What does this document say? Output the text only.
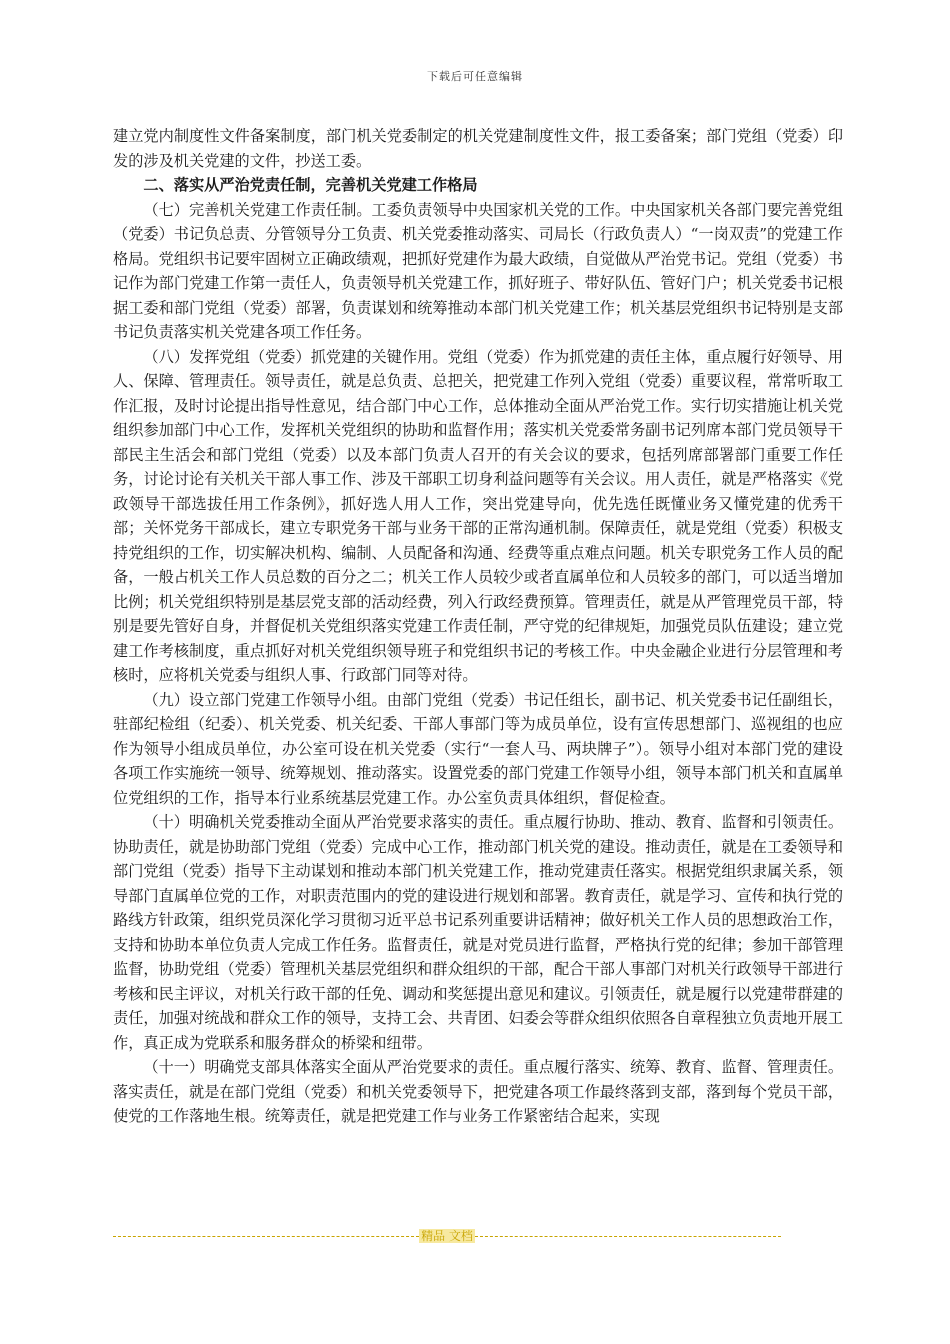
下载后可任意编辑

建立党内制度性文件备案制度，部门机关党委制定的机关党建制度性文件，报工委备案；部门党组（党委）印发的涉及机关党建的文件，抄送工委。

二、落实从严治党责任制，完善机关党建工作格局

（七）完善机关党建工作责任制。工委负责领导中央国家机关党的工作。中央国家机关各部门要完善党组（党委）书记负总责、分管领导分工负责、机关党委推动落实、司局长（行政负责人）“一岗双责”的党建工作格局。党组织书记要牢固树立正确政绩观，把抓好党建作为最大政绩，自觉做从严治党书记。党组（党委）书记作为部门党建工作第一责任人，负责领导机关党建工作，抓好班子、带好队伍、管好门户；机关党委书记根据工委和部门党组（党委）部署，负责谋划和统筹推动本部门机关党建工作；机关基层党组织书记特别是支部书记负责落实机关党建各项工作任务。

（八）发挥党组（党委）抓党建的关键作用。党组（党委）作为抓党建的责任主体，重点履行好领导、用人、保障、管理责任。领导责任，就是总负责、总把关，把党建工作列入党组（党委）重要议程，常常听取工作汇报，及时讨论提出指导性意见，结合部门中心工作，总体推动全面从严治党工作。实行切实措施让机关党组织参加部门中心工作，发挥机关党组织的协助和监督作用；落实机关党委常务副书记列席本部门党员领导干部民主生活会和部门党组（党委）以及本部门负责人召开的有关会议的要求，包括列席部署部门重要工作任务，讨论讨论有关机关干部人事工作、涉及干部职工切身利益问题等有关会议。用人责任，就是严格落实《党政领导干部选拔任用工作条例》，抓好选人用人工作，突出党建导向，优先选任既懂业务又懂党建的优秀干部；关怀党务干部成长，建立专职党务干部与业务干部的正常沟通机制。保障责任，就是党组（党委）积极支持党组织的工作，切实解决机构、编制、人员配备和沟通、经费等重点难点问题。机关专职党务工作人员的配备，一般占机关工作人员总数的百分之二；机关工作人员较少或者直属单位和人员较多的部门，可以适当增加比例；机关党组织特别是基层党支部的活动经费，列入行政经费预算。管理责任，就是从严管理党员干部，特别是要先管好自身，并督促机关党组织落实党建工作责任制，严守党的纪律规矩，加强党员队伍建设；建立党建工作考核制度，重点抓好对机关党组织领导班子和党组织书记的考核工作。中央金融企业进行分层管理和考核时，应将机关党委与组织人事、行政部门同等对待。

（九）设立部门党建工作领导小组。由部门党组（党委）书记任组长，副书记、机关党委书记任副组长，驻部纪检组（纪委）、机关党委、机关纪委、干部人事部门等为成员单位，设有宣传思想部门、巡视组的也应作为领导小组成员单位，办公室可设在机关党委（实行“一套人马、两块牌子”）。领导小组对本部门党的建设各项工作实施统一领导、统筹规划、推动落实。设置党委的部门党建工作领导小组，领导本部门机关和直属单位党组织的工作，指导本行业系统基层党建工作。办公室负责具体组织，督促检查。

（十）明确机关党委推动全面从严治党要求落实的责任。重点履行协助、推动、教育、监督和引领责任。协助责任，就是协助部门党组（党委）完成中心工作，推动部门机关党的建设。推动责任，就是在工委领导和部门党组（党委）指导下主动谋划和推动本部门机关党建工作，推动党建责任落实。根据党组织隶属关系，领导部门直属单位党的工作，对职责范围内的党的建设进行规划和部署。教育责任，就是学习、宣传和执行党的路线方针政策，组织党员深化学习贯彻习近平总书记系列重要讲话精神；做好机关工作人员的思想政治工作，支持和协助本单位负责人完成工作任务。监督责任，就是对党员进行监督，严格执行党的纪律；参加干部管理监督，协助党组（党委）管理机关基层党组织和群众组织的干部，配合干部人事部门对机关行政领导干部进行考核和民主评议，对机关行政干部的任免、调动和奖惩提出意见和建议。引领责任，就是履行以党建带群建的责任，加强对统战和群众工作的领导，支持工会、共青团、妇委会等群众组织依照各自章程独立负责地开展工作，真正成为党联系和服务群众的桥梁和纽带。

（十一）明确党支部具体落实全面从严治党要求的责任。重点履行落实、统筹、教育、监督、管理责任。落实责任，就是在部门党组（党委）和机关党委领导下，把党建各项工作最终落到支部，落到每个党员干部，使党的工作落地生根。统筹责任，就是把党建工作与业务工作紧密结合起来，实现

精品 文档
